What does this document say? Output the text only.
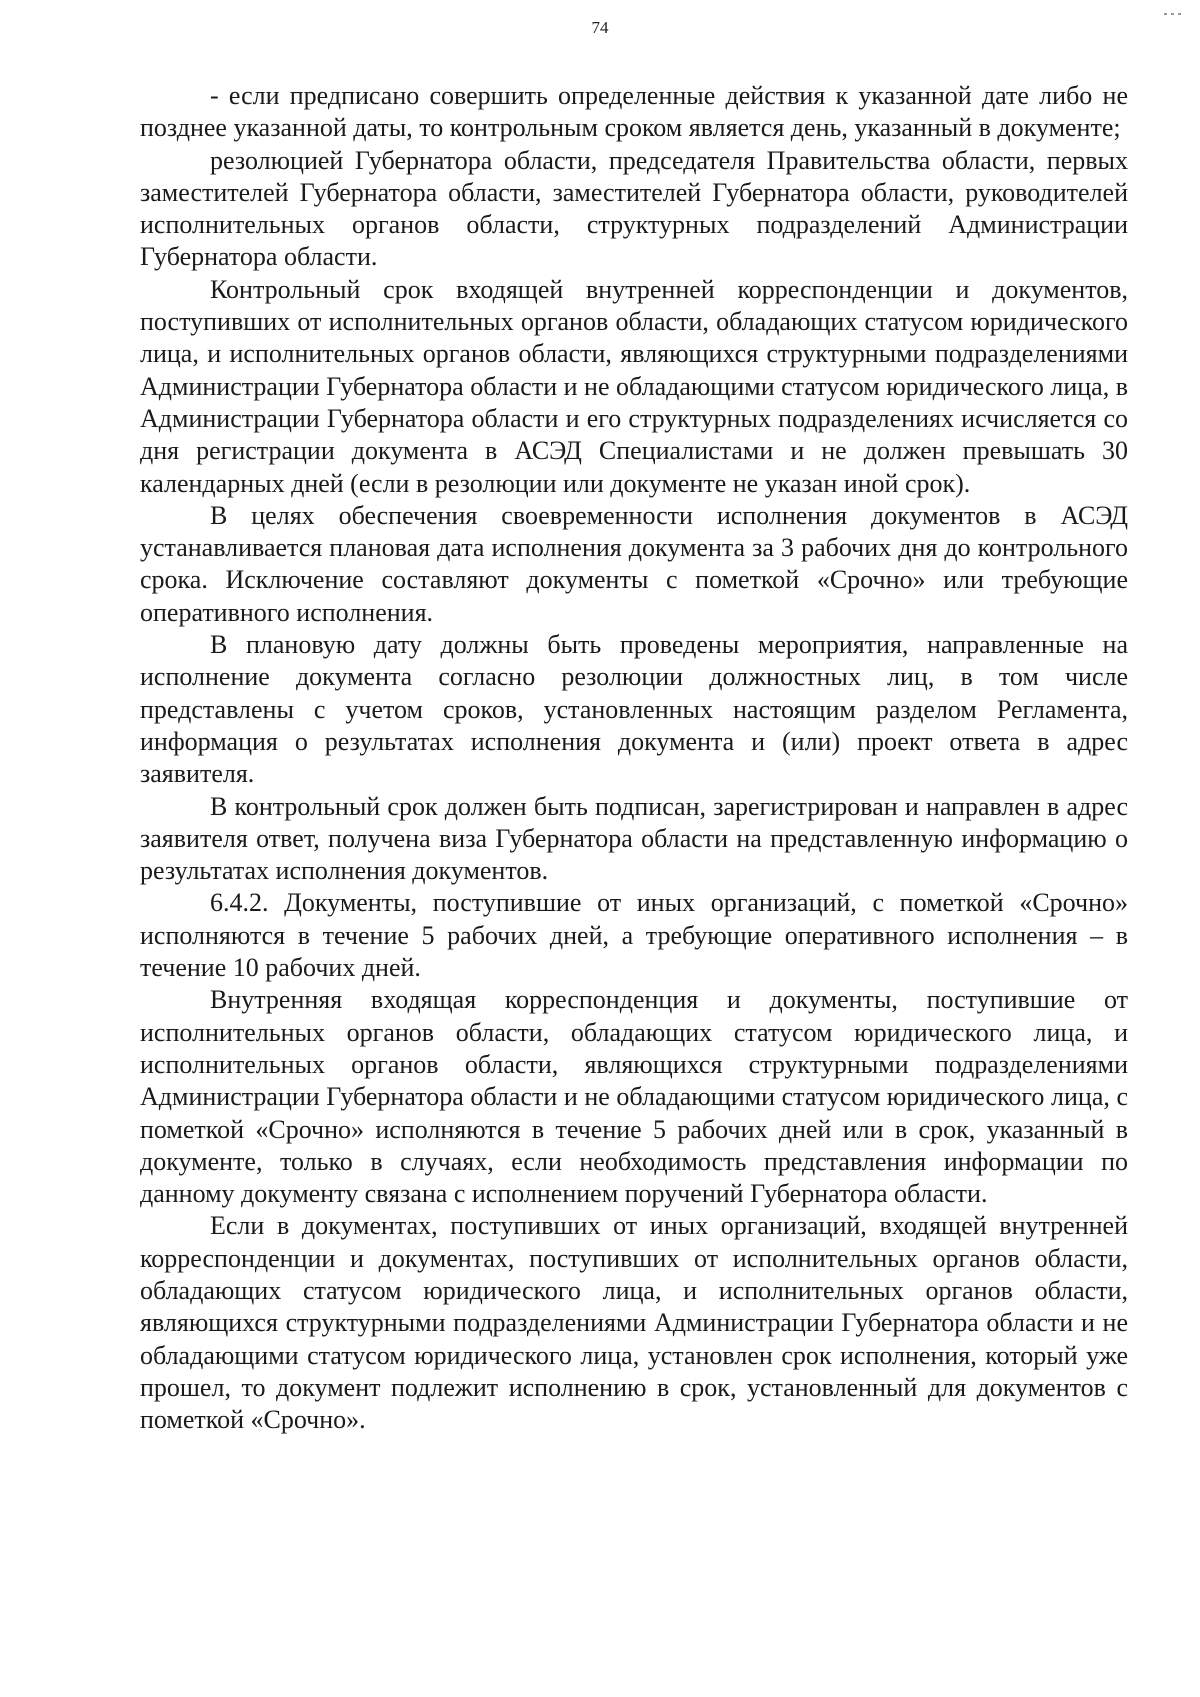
74

- если предписано совершить определенные действия к указанной дате либо не позднее указанной даты, то контрольным сроком является день, указанный в документе;

резолюцией Губернатора области, председателя Правительства области, первых заместителей Губернатора области, заместителей Губернатора области, руководителей исполнительных органов области, структурных подразделений Администрации Губернатора области.

Контрольный срок входящей внутренней корреспонденции и документов, поступивших от исполнительных органов области, обладающих статусом юридического лица, и исполнительных органов области, являющихся структурными подразделениями Администрации Губернатора области и не обладающими статусом юридического лица, в Администрации Губернатора области и его структурных подразделениях исчисляется со дня регистрации документа в АСЭД Специалистами и не должен превышать 30 календарных дней (если в резолюции или документе не указан иной срок).

В целях обеспечения своевременности исполнения документов в АСЭД устанавливается плановая дата исполнения документа за 3 рабочих дня до контрольного срока. Исключение составляют документы с пометкой «Срочно» или требующие оперативного исполнения.

В плановую дату должны быть проведены мероприятия, направленные на исполнение документа согласно резолюции должностных лиц, в том числе представлены с учетом сроков, установленных настоящим разделом Регламента, информация о результатах исполнения документа и (или) проект ответа в адрес заявителя.

В контрольный срок должен быть подписан, зарегистрирован и направлен в адрес заявителя ответ, получена виза Губернатора области на представленную информацию о результатах исполнения документов.

6.4.2. Документы, поступившие от иных организаций, с пометкой «Срочно» исполняются в течение 5 рабочих дней, а требующие оперативного исполнения – в течение 10 рабочих дней.

Внутренняя входящая корреспонденция и документы, поступившие от исполнительных органов области, обладающих статусом юридического лица, и исполнительных органов области, являющихся структурными подразделениями Администрации Губернатора области и не обладающими статусом юридического лица, с пометкой «Срочно» исполняются в течение 5 рабочих дней или в срок, указанный в документе, только в случаях, если необходимость представления информации по данному документу связана с исполнением поручений Губернатора области.

Если в документах, поступивших от иных организаций, входящей внутренней корреспонденции и документах, поступивших от исполнительных органов области, обладающих статусом юридического лица, и исполнительных органов области, являющихся структурными подразделениями Администрации Губернатора области и не обладающими статусом юридического лица, установлен срок исполнения, который уже прошел, то документ подлежит исполнению в срок, установленный для документов с пометкой «Срочно».
